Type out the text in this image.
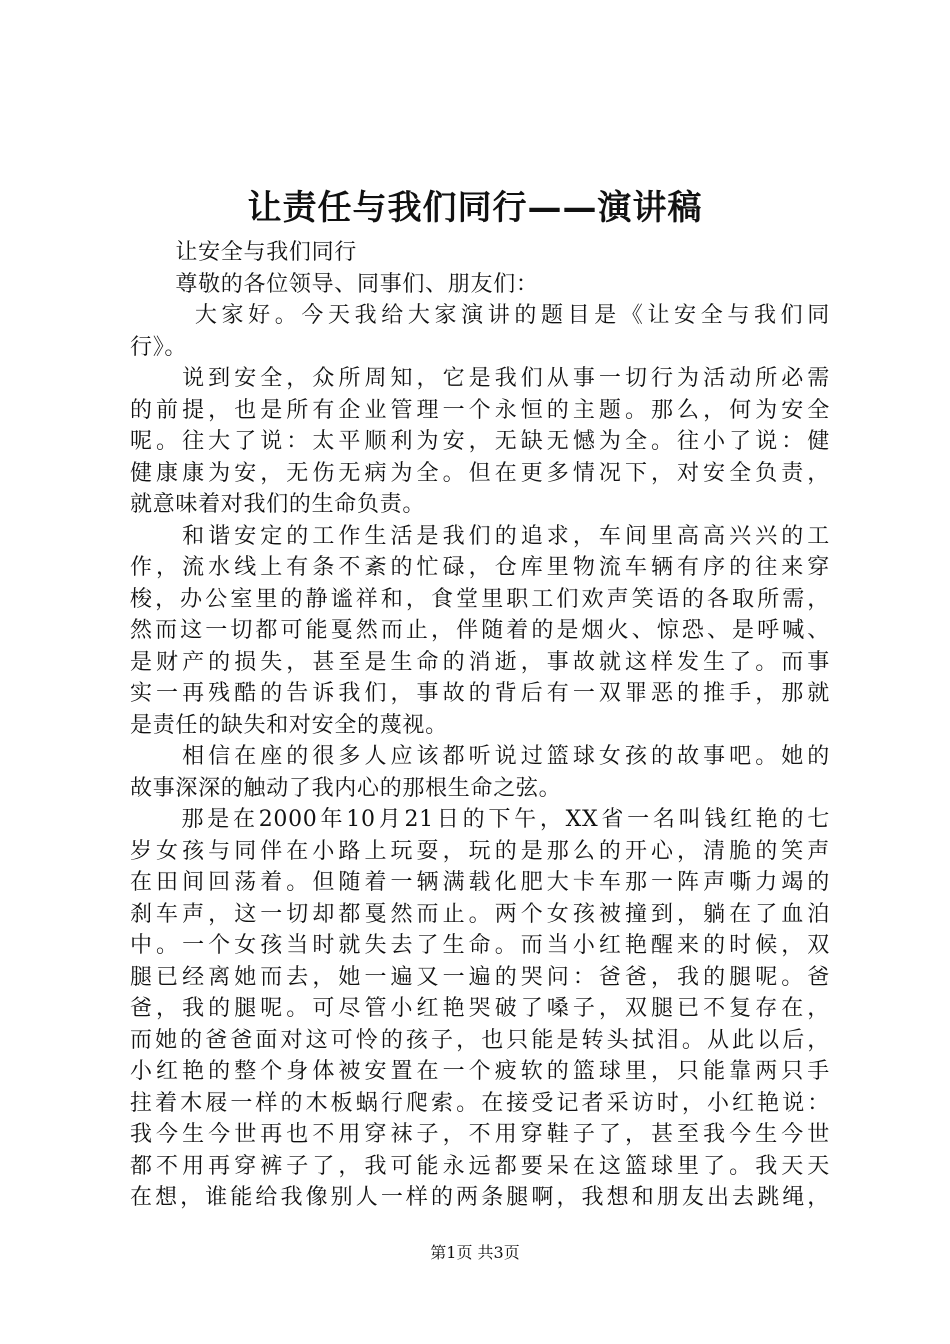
让责任与我们同行——演讲稿
　　让安全与我们同行
　　尊敬的各位领导、同事们、朋友们：
　　 大家好。今天我给大家演讲的题目是《让安全与我们同
行》。
　　说到安全，众所周知，它是我们从事一切行为活动所必需
的前提，也是所有企业管理一个永恒的主题。那么，何为安全
呢。往大了说：太平顺利为安，无缺无憾为全。往小了说：健
健康康为安，无伤无病为全。但在更多情况下，对安全负责，
就意味着对我们的生命负责。
　　和谐安定的工作生活是我们的追求，车间里高高兴兴的工
作，流水线上有条不紊的忙碌，仓库里物流车辆有序的往来穿
梭，办公室里的静谧祥和，食堂里职工们欢声笑语的各取所需，
然而这一切都可能戛然而止，伴随着的是烟火、惊恐、是呼喊、
是财产的损失，甚至是生命的消逝，事故就这样发生了。而事
实一再残酷的告诉我们，事故的背后有一双罪恶的推手，那就
是责任的缺失和对安全的蔑视。
　　相信在座的很多人应该都听说过篮球女孩的故事吧。她的
故事深深的触动了我内心的那根生命之弦。
　　那是在2000年10月21日的下午，XX省一名叫钱红艳的七
岁女孩与同伴在小路上玩耍，玩的是那么的开心，清脆的笑声
在田间回荡着。但随着一辆满载化肥大卡车那一阵声嘶力竭的
刹车声，这一切却都戛然而止。两个女孩被撞到，躺在了血泊
中。一个女孩当时就失去了生命。而当小红艳醒来的时候，双
腿已经离她而去，她一遍又一遍的哭问：爸爸，我的腿呢。爸
爸，我的腿呢。可尽管小红艳哭破了嗓子，双腿已不复存在，
而她的爸爸面对这可怜的孩子，也只能是转头拭泪。从此以后，
小红艳的整个身体被安置在一个疲软的篮球里，只能靠两只手
拄着木屐一样的木板蜗行爬索。在接受记者采访时，小红艳说：
我今生今世再也不用穿袜子，不用穿鞋子了，甚至我今生今世
都不用再穿裤子了，我可能永远都要呆在这篮球里了。我天天
在想，谁能给我像别人一样的两条腿啊，我想和朋友出去跳绳，
第1页 共3页
